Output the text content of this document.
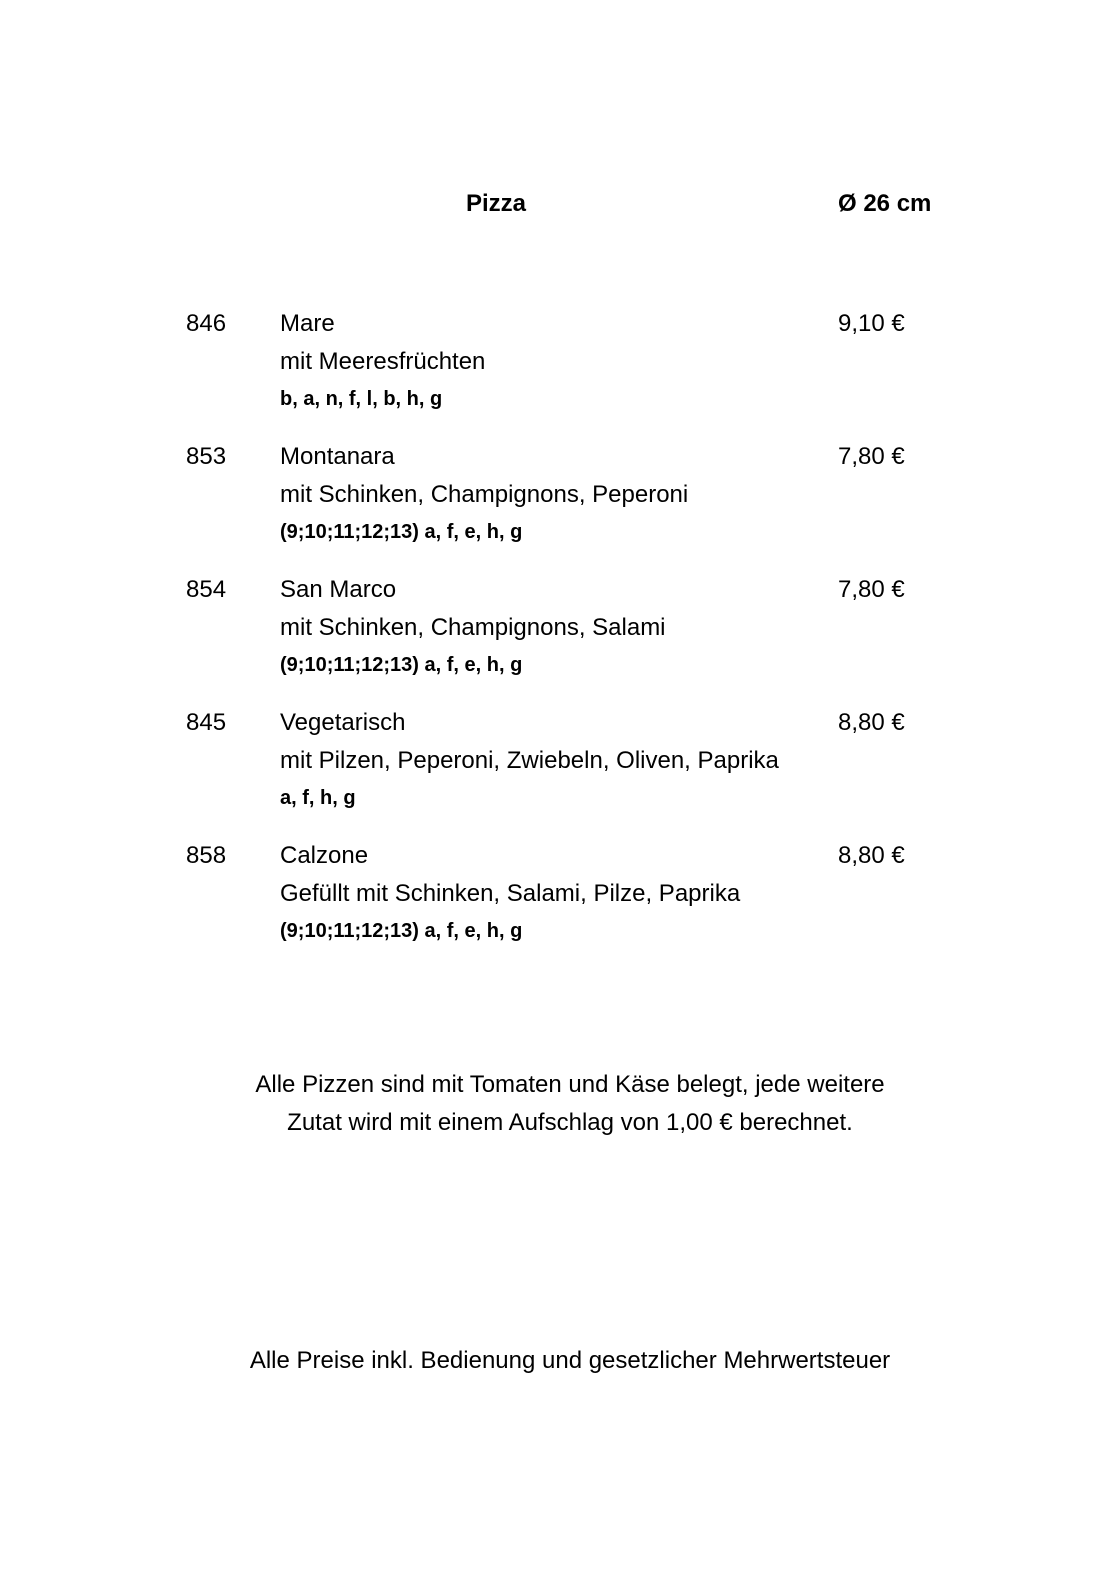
Pizza	Ø 26 cm
846 Mare
mit Meeresfrüchten
b, a, n, f, l, b, h, g
9,10 €
853 Montanara
mit Schinken, Champignons, Peperoni
(9;10;11;12;13) a, f, e, h, g
7,80 €
854 San Marco
mit Schinken, Champignons, Salami
(9;10;11;12;13) a, f, e, h, g
7,80 €
845 Vegetarisch
mit Pilzen, Peperoni, Zwiebeln, Oliven, Paprika
a, f, h, g
8,80 €
858 Calzone
Gefüllt mit Schinken, Salami, Pilze, Paprika
(9;10;11;12;13) a, f, e, h, g
8,80 €
Alle Pizzen sind mit Tomaten und Käse belegt, jede weitere
Zutat wird mit einem Aufschlag von 1,00 € berechnet.
Alle Preise inkl. Bedienung und gesetzlicher Mehrwertsteuer
